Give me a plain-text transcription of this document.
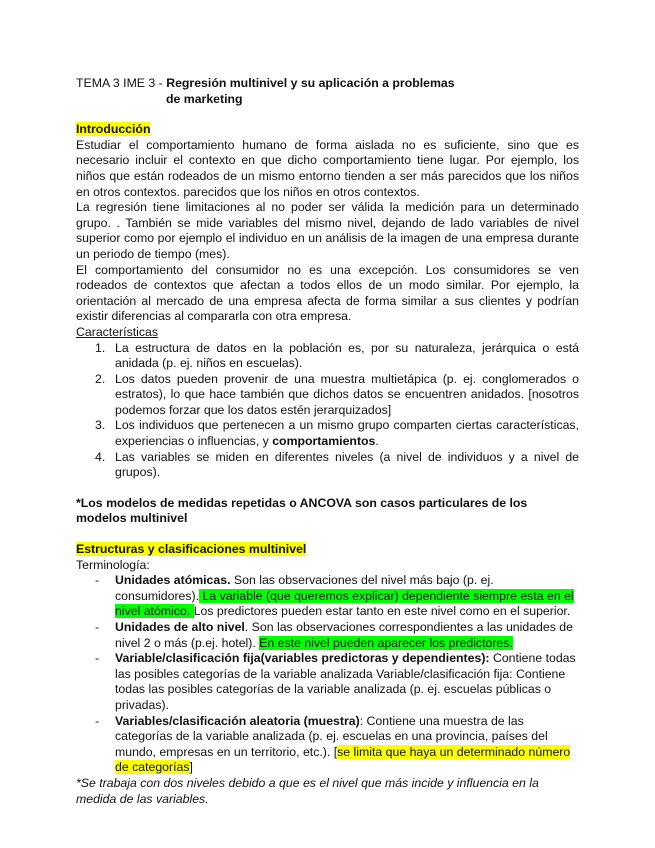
TEMA 3 IME 3 - Regresión multinivel y su aplicación a problemas
de marketing
Introducción

Estudiar el comportamiento humano de forma aislada no es suficiente, sino que es necesario incluir el contexto en que dicho comportamiento tiene lugar. Por ejemplo, los niños que están rodeados de un mismo entorno tienden a ser más parecidos que los niños en otros contextos. parecidos que los niños en otros contextos.

La regresión tiene limitaciones al no poder ser válida la medición para un determinado grupo. . También se mide variables del mismo nivel, dejando de lado variables de nivel superior como por ejemplo el individuo en un análisis de la imagen de una empresa durante un periodo de tiempo (mes).

El comportamiento del consumidor no es una excepción. Los consumidores se ven rodeados de contextos que afectan a todos ellos de un modo similar. Por ejemplo, la orientación al mercado de una empresa afecta de forma similar a sus clientes y podrían existir diferencias al compararla con otra empresa.

Características
1. La estructura de datos en la población es, por su naturaleza, jerárquica o está anidada (p. ej. niños en escuelas).
2. Los datos pueden provenir de una muestra multietápica (p. ej. conglomerados o estratos), lo que hace también que dichos datos se encuentren anidados. [nosotros podemos forzar que los datos estén jerarquizados]
3. Los individuos que pertenecen a un mismo grupo comparten ciertas características, experiencias o influencias, y comportamientos.
4. Las variables se miden en diferentes niveles (a nivel de individuos y a nivel de grupos).
*Los modelos de medidas repetidas o ANCOVA son casos particulares de los modelos multinivel
Estructuras y clasificaciones multinivel
Terminología:
- Unidades atómicas. Son las observaciones del nivel más bajo (p. ej. consumidores). La variable (que queremos explicar) dependiente siempre esta en el nivel atómico. Los predictores pueden estar tanto en este nivel como en el superior.
- Unidades de alto nivel. Son las observaciones correspondientes a las unidades de nivel 2 o más (p.ej. hotel). En este nivel pueden aparecer los predictores.
- Variable/clasificación fija(variables predictoras y dependientes): Contiene todas las posibles categorías de la variable analizada Variable/clasificación fija: Contiene todas las posibles categorías de la variable analizada (p. ej. escuelas públicas o privadas).
- Variables/clasificación aleatoria (muestra): Contiene una muestra de las categorías de la variable analizada (p. ej. escuelas en una provincia, países del mundo, empresas en un territorio, etc.). [se limita que haya un determinado número de categorías]
*Se trabaja con dos niveles debido a que es el nivel que más incide y influencia en la medida de las variables.
